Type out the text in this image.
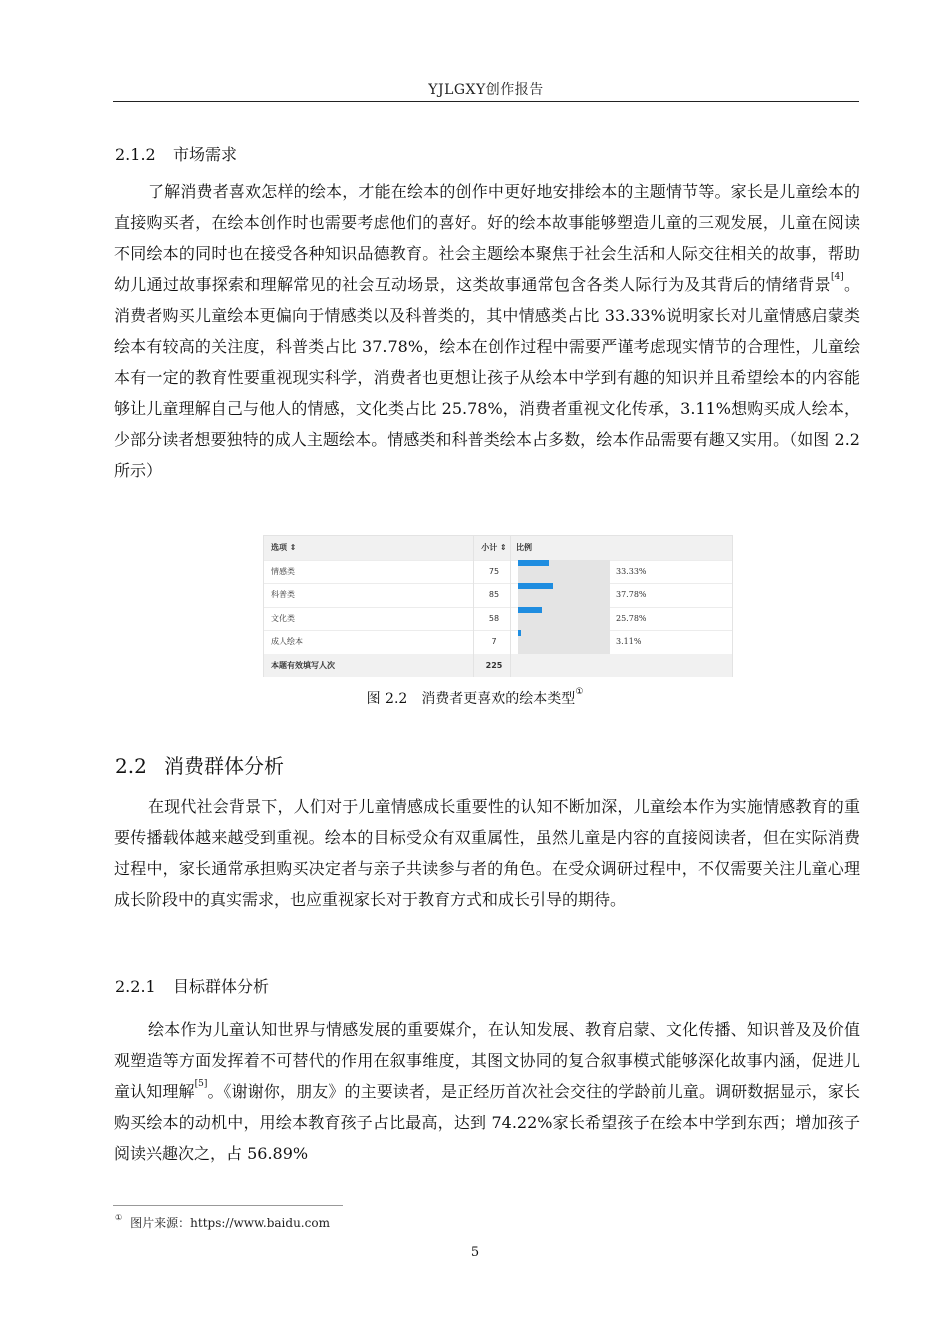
YJLGXY创作报告
2.1.2 市场需求
了解消费者喜欢怎样的绘本，才能在绘本的创作中更好地安排绘本的主题情节等。家长是儿童绘本的直接购买者，在绘本创作时也需要考虑他们的喜好。好的绘本故事能够塑造儿童的三观发展，儿童在阅读不同绘本的同时也在接受各种知识品德教育。社会主题绘本聚焦于社会生活和人际交往相关的故事，帮助幼儿通过故事探索和理解常见的社会互动场景，这类故事通常包含各类人际行为及其背后的情绪背景[4]。消费者购买儿童绘本更偏向于情感类以及科普类的，其中情感类占比 33.33%说明家长对儿童情感启蒙类绘本有较高的关注度，科普类占比 37.78%，绘本在创作过程中需要严谨考虑现实情节的合理性，儿童绘本有一定的教育性要重视现实科学，消费者也更想让孩子从绘本中学到有趣的知识并且希望绘本的内容能够让儿童理解自己与他人的情感，文化类占比 25.78%，消费者重视文化传承，3.11%想购买成人绘本，少部分读者想要独特的成人主题绘本。情感类和科普类绘本占多数，绘本作品需要有趣又实用。（如图 2.2 所示）
选项 ⇕	小计 ⇕	比例
情感类	75	33.33%
科普类	85	37.78%
文化类	58	25.78%
成人绘本	7	3.11%
本题有效填写人次	225
图 2.2 消费者更喜欢的绘本类型①
2.2 消费群体分析
在现代社会背景下，人们对于儿童情感成长重要性的认知不断加深，儿童绘本作为实施情感教育的重要传播载体越来越受到重视。绘本的目标受众有双重属性，虽然儿童是内容的直接阅读者，但在实际消费过程中，家长通常承担购买决定者与亲子共读参与者的角色。在受众调研过程中，不仅需要关注儿童心理成长阶段中的真实需求，也应重视家长对于教育方式和成长引导的期待。
2.2.1 目标群体分析
绘本作为儿童认知世界与情感发展的重要媒介，在认知发展、教育启蒙、文化传播、知识普及及价值观塑造等方面发挥着不可替代的作用在叙事维度，其图文协同的复合叙事模式能够深化故事内涵，促进儿童认知理解[5]。《谢谢你，朋友》的主要读者，是正经历首次社会交往的学龄前儿童。调研数据显示，家长购买绘本的动机中，用绘本教育孩子占比最高，达到 74.22%家长希望孩子在绘本中学到东西；增加孩子阅读兴趣次之，占 56.89%
① 图片来源：https://www.baidu.com
5
